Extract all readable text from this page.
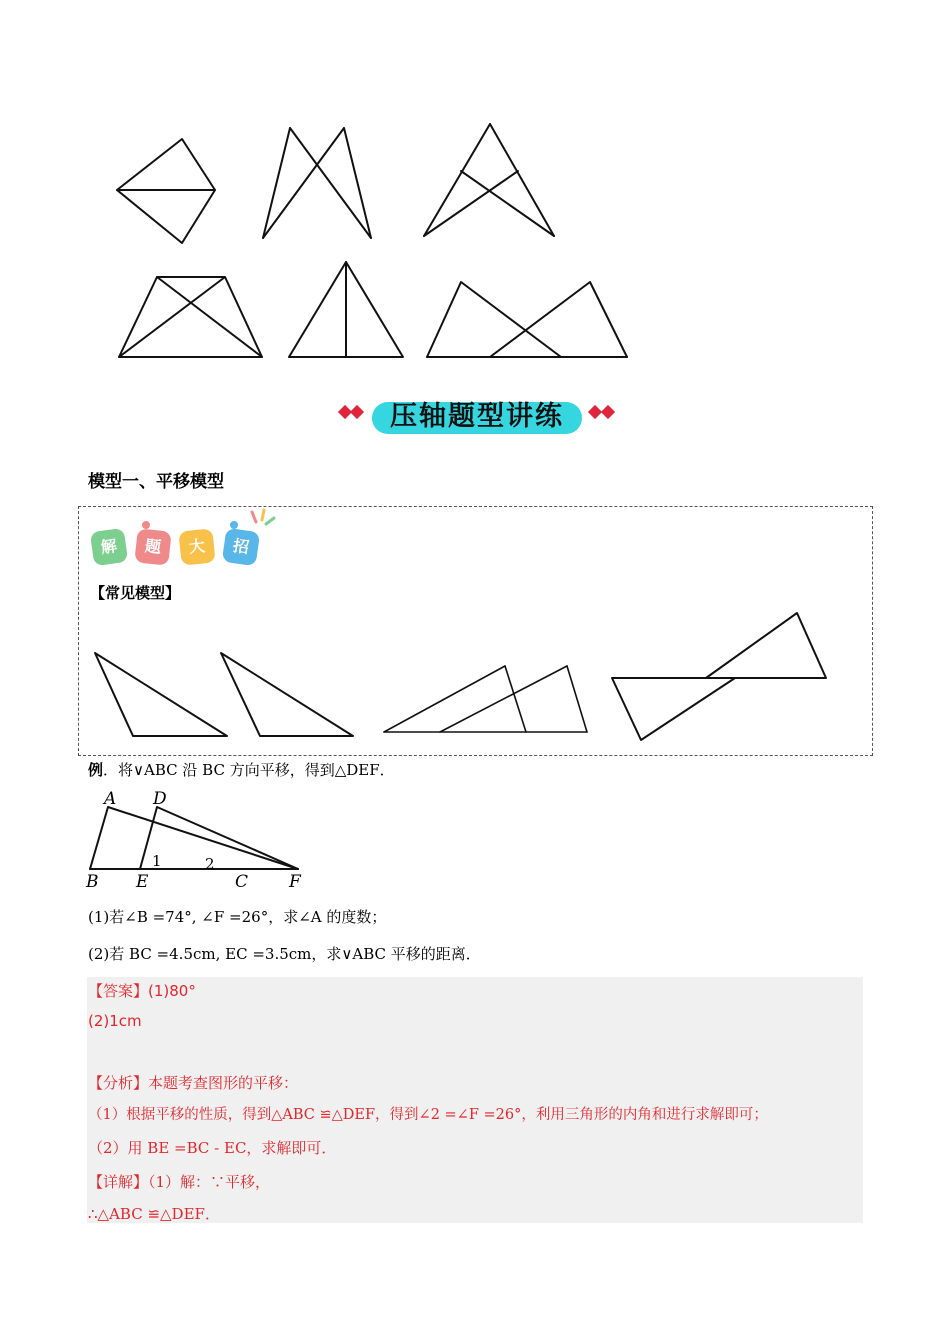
压轴题型讲练
模型一、平移模型
解	题	大	招
【常见模型】
例．将∨ABC 沿 BC 方向平移，得到△DEF．
A D
B E	C F
1	2
(1)若∠B =74°, ∠F =26°，求∠A 的度数；
(2)若 BC =4.5cm, EC =3.5cm，求∨ABC 平移的距离．
【答案】(1)80°
(2)1cm
【分析】本题考查图形的平移：
（1）根据平移的性质，得到△ABC ≌△DEF，得到∠2 =∠F =26°，利用三角形的内角和进行求解即可；
（2）用 BE =BC - EC，求解即可．
【详解】（1）解：∵平移，
∴△ABC ≌△DEF．
